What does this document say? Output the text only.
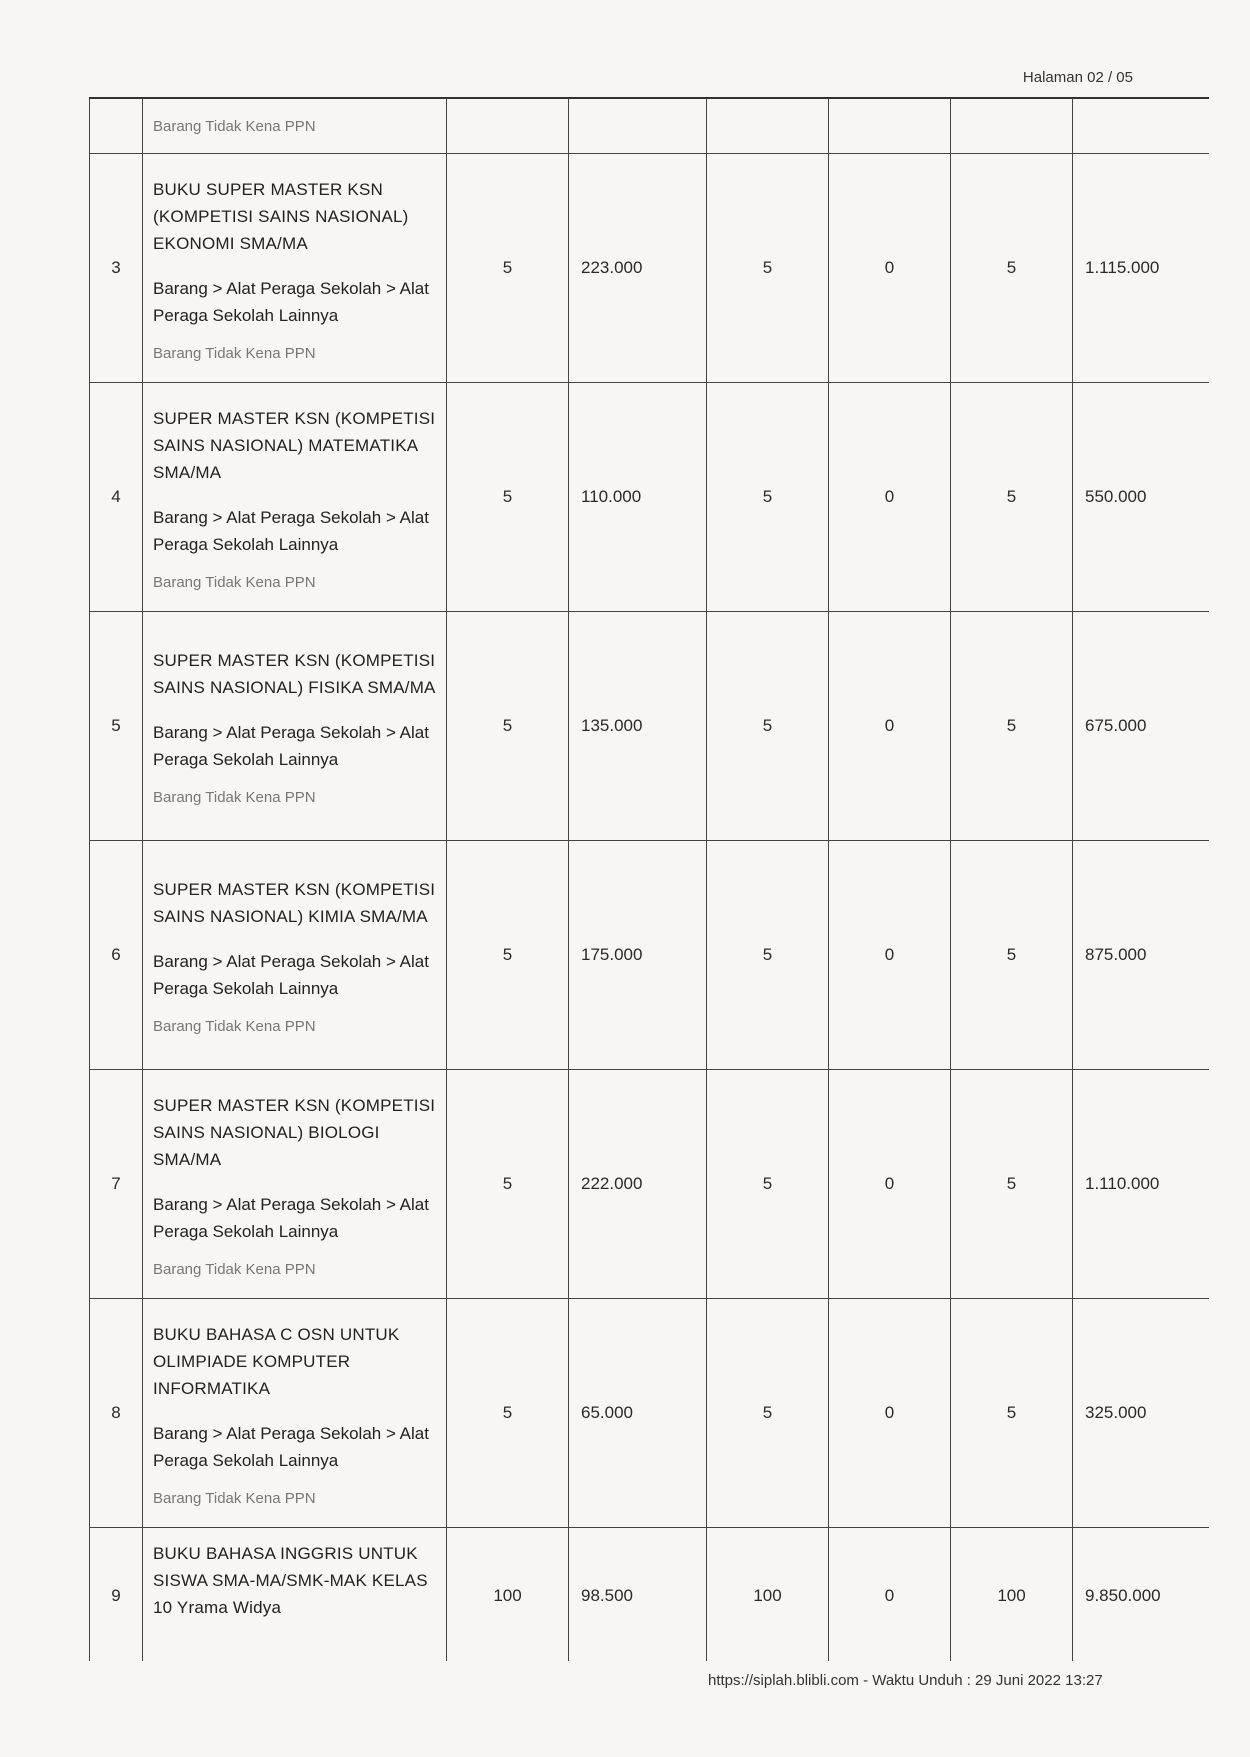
Halaman 02 / 05

	Barang Tidak Kena PPN						

3	BUKU SUPER MASTER KSN (KOMPETISI SAINS NASIONAL) EKONOMI SMA/MA
Barang > Alat Peraga Sekolah > Alat Peraga Sekolah Lainnya
Barang Tidak Kena PPN	5	223.000	5	0	5	1.115.000
4	SUPER MASTER KSN (KOMPETISI SAINS NASIONAL) MATEMATIKA SMA/MA
Barang > Alat Peraga Sekolah > Alat Peraga Sekolah Lainnya
Barang Tidak Kena PPN	5	110.000	5	0	5	550.000
5	SUPER MASTER KSN (KOMPETISI SAINS NASIONAL) FISIKA SMA/MA
Barang > Alat Peraga Sekolah > Alat Peraga Sekolah Lainnya
Barang Tidak Kena PPN	5	135.000	5	0	5	675.000
6	SUPER MASTER KSN (KOMPETISI SAINS NASIONAL) KIMIA SMA/MA
Barang > Alat Peraga Sekolah > Alat Peraga Sekolah Lainnya
Barang Tidak Kena PPN	5	175.000	5	0	5	875.000
7	SUPER MASTER KSN (KOMPETISI SAINS NASIONAL) BIOLOGI SMA/MA
Barang > Alat Peraga Sekolah > Alat Peraga Sekolah Lainnya
Barang Tidak Kena PPN	5	222.000	5	0	5	1.110.000
8	BUKU BAHASA C OSN UNTUK OLIMPIADE KOMPUTER INFORMATIKA
Barang > Alat Peraga Sekolah > Alat Peraga Sekolah Lainnya
Barang Tidak Kena PPN	5	65.000	5	0	5	325.000
9	BUKU BAHASA INGGRIS UNTUK SISWA SMA-MA/SMK-MAK KELAS 10 Yrama Widya	100	98.500	100	0	100	9.850.000
https://siplah.blibli.com - Waktu Unduh : 29 Juni 2022 13:27
